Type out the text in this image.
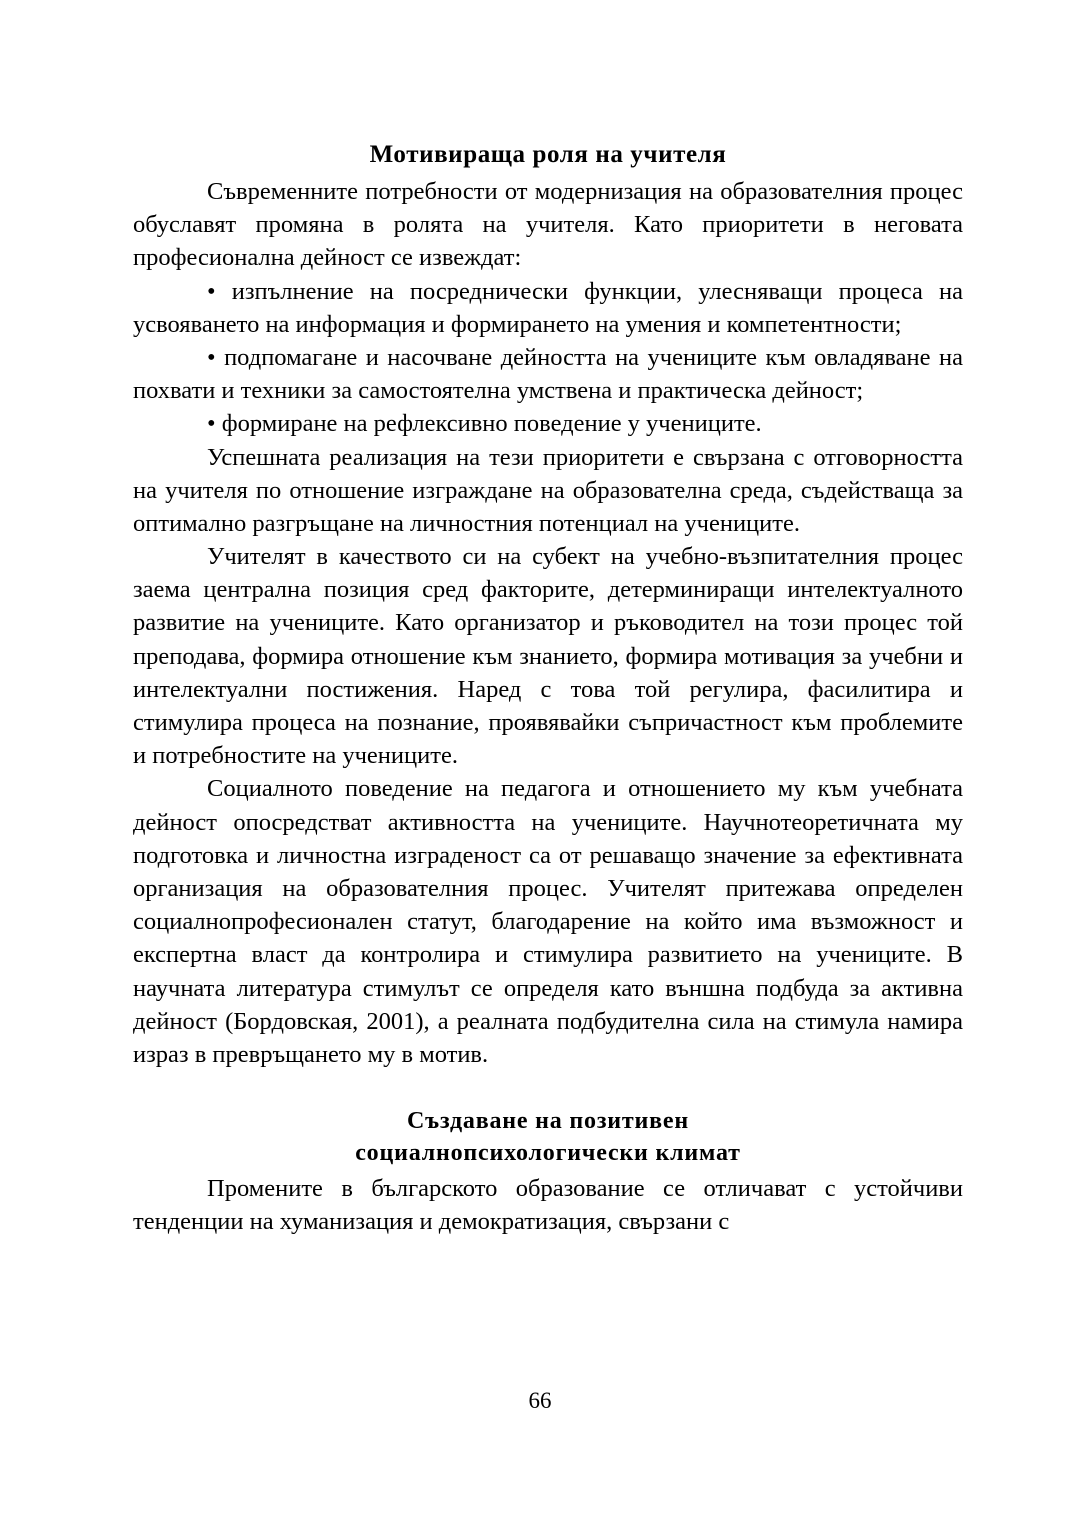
Мотивираща роля на учителя

Съвременните потребности от модернизация на образователния процес обуславят промяна в ролята на учителя. Като приоритети в неговата професионална дейност се извеждат:

• изпълнение на посреднически функции, улесняващи процеса на усвояването на информация и формирането на умения и компетентности;

• подпомагане и насочване дейността на учениците към овладяване на похвати и техники за самостоятелна умствена и практическа дейност;

• формиране на рефлексивно поведение у учениците.

Успешната реализация на тези приоритети е свързана с отговорността на учителя по отношение изграждане на образователна среда, съдействаща за оптимално разгръщане на личностния потенциал на учениците.

Учителят в качеството си на субект на учебно-възпитателния процес заема централна позиция сред факторите, детерминиращи интелектуалното развитие на учениците. Като организатор и ръководител на този процес той преподава, формира отношение към знанието, формира мотивация за учебни и интелектуални постижения. Наред с това той регулира, фасилитира и стимулира процеса на познание, проявявайки съпричастност към проблемите и потребностите на учениците.

Социалното поведение на педагога и отношението му към учебната дейност опосредстват активността на учениците. Научнотеоретичната му подготовка и личностна изграденост са от решаващо значение за ефективната организация на образователния процес. Учителят притежава определен социалнопрофесионален статут, благодарение на който има възможност и експертна власт да контролира и стимулира развитието на учениците. В научната литература стимулът се определя като външна подбуда за активна дейност (Бордовская, 2001), а реалната подбудителна сила на стимула намира израз в превръщането му в мотив.

Създаване на позитивен
социалнопсихологически климат

Промените в българското образование се отличават с устойчиви тенденции на хуманизация и демократизация, свързани с

66
